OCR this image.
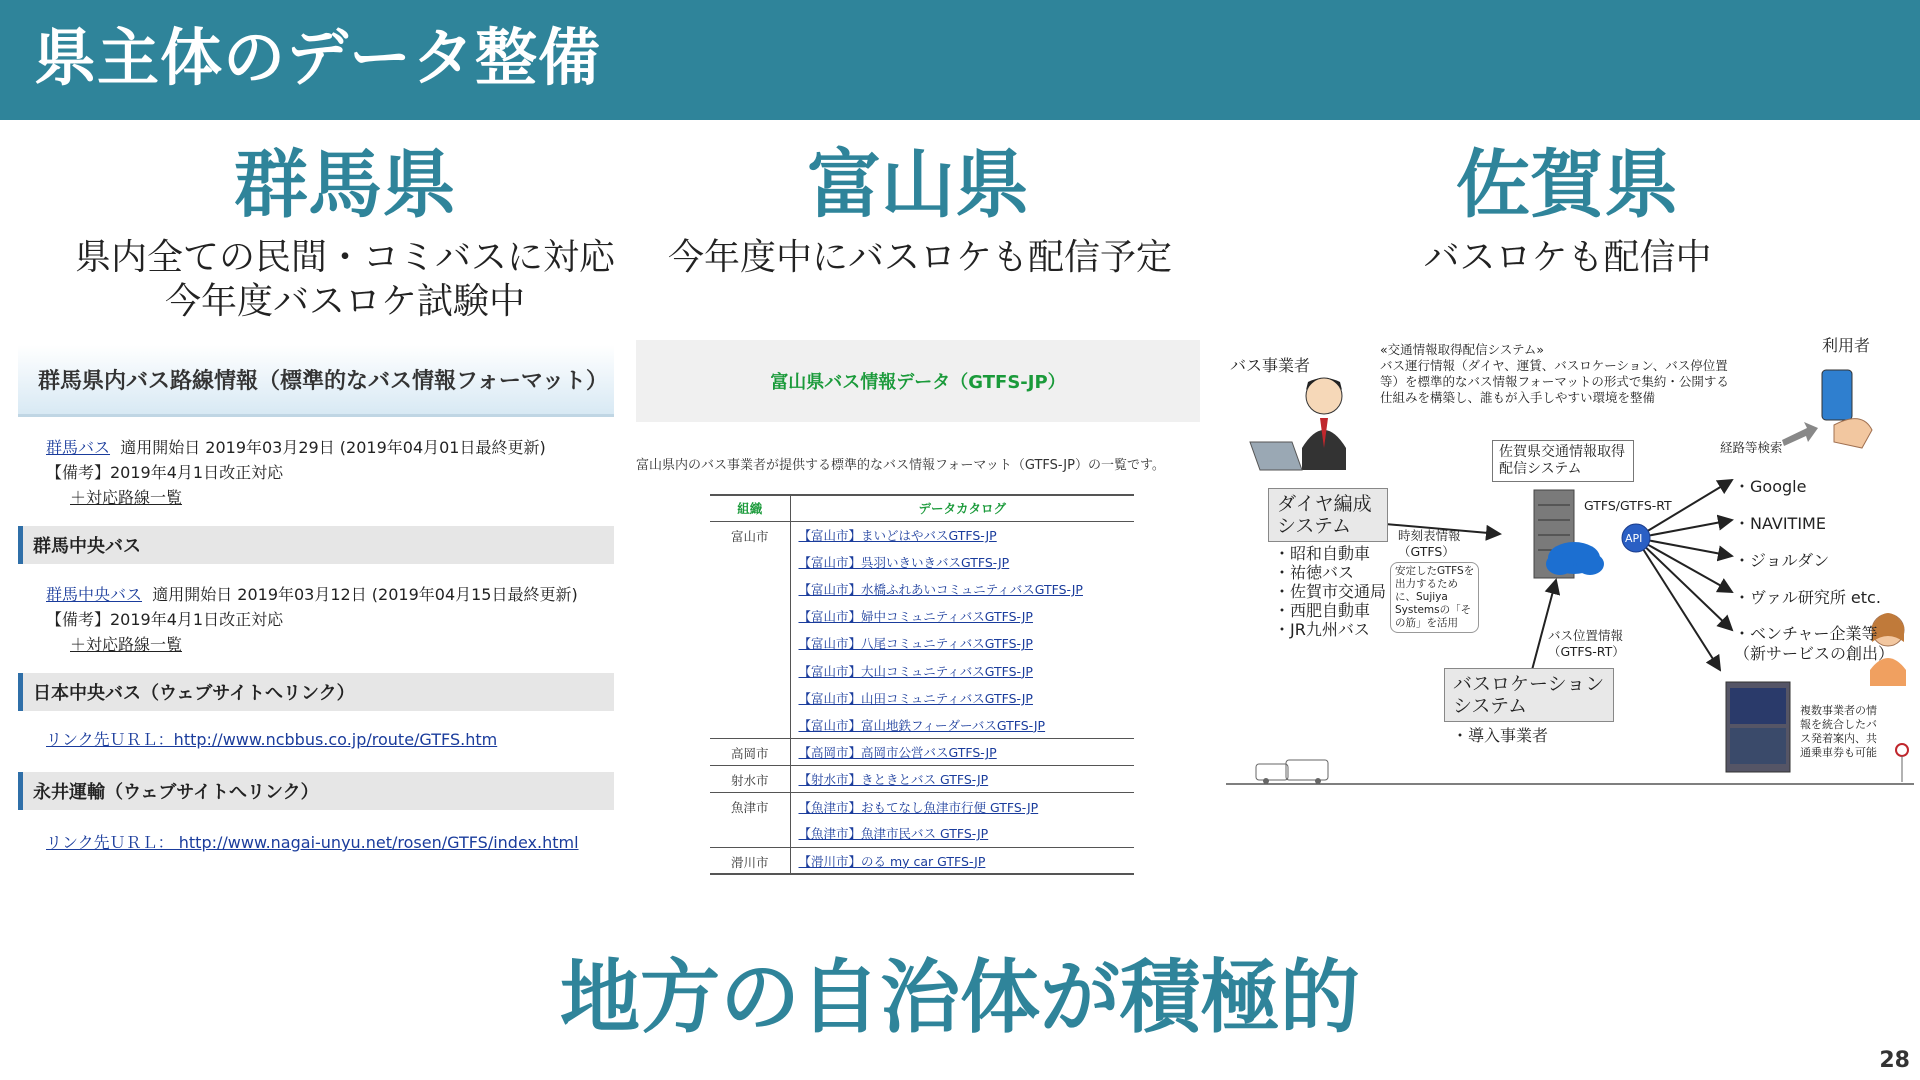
県主体のデータ整備
群馬県	富山県	佐賀県
県内全ての民間・コミバスに対応
今年度バスロケ試験中
今年度中にバスロケも配信予定	バスロケも配信中
群馬県内バス路線情報（標準的なバス情報フォーマット）
群馬バス 適用開始日 2019年03月29日 (2019年04月01日最終更新)
【備考】2019年4月1日改正対応
＋対応路線一覧
群馬中央バス
群馬中央バス 適用開始日 2019年03月12日 (2019年04月15日最終更新)
【備考】2019年4月1日改正対応
＋対応路線一覧
日本中央バス（ウェブサイトへリンク）
リンク先ＵＲＬ：http://www.ncbbus.co.jp/route/GTFS.htm
永井運輸（ウェブサイトへリンク）
リンク先ＵＲＬ： http://www.nagai-unyu.net/rosen/GTFS/index.html
富山県バス情報データ（GTFS-JP）
富山県内のバス事業者が提供する標準的なバス情報フォーマット（GTFS-JP）の一覧です。
組織	データカタログ
富山市	【富山市】まいどはやバスGTFS-JP
	【富山市】呉羽いきいきバスGTFS-JP
	【富山市】水橋ふれあいコミュニティバスGTFS-JP
	【富山市】婦中コミュニティバスGTFS-JP
	【富山市】八尾コミュニティバスGTFS-JP
	【富山市】大山コミュニティバスGTFS-JP
	【富山市】山田コミュニティバスGTFS-JP
	【富山市】富山地鉄フィーダーバスGTFS-JP
高岡市	【高岡市】高岡市公営バスGTFS-JP
射水市	【射水市】きときとバス GTFS-JP
魚津市	【魚津市】おもてなし魚津市行便 GTFS-JP
	【魚津市】魚津市民バス GTFS-JP
滑川市	【滑川市】のる my car GTFS-JP
バス事業者
利用者
«交通情報取得配信システム»
バス運行情報（ダイヤ、運賃、バスロケーション、バス停位置
等）を標準的なバス情報フォーマットの形式で集約・公開する
仕組みを構築し、誰もが入手しやすい環境を整備
ダイヤ編成
システム
・昭和自動車
・祐徳バス
・佐賀市交通局
・西肥自動車
・JR九州バス
時刻表情報
（GTFS）
安定したGTFSを
出力するため
に、Sujiya
Systemsの「そ
の筋」を活用
佐賀県交通情報取得
配信システム
GTFS/GTFS-RT
API
経路等検索
・Google
・NAVITIME
・ジョルダン
・ヴァル研究所 etc.
・ベンチャー企業等
（新サービスの創出）
バス位置情報
（GTFS-RT）
バスロケーション
システム
・導入事業者
複数事業者の情
報を統合したバ
ス発着案内、共
通乗車券も可能
地方の自治体が積極的
28
